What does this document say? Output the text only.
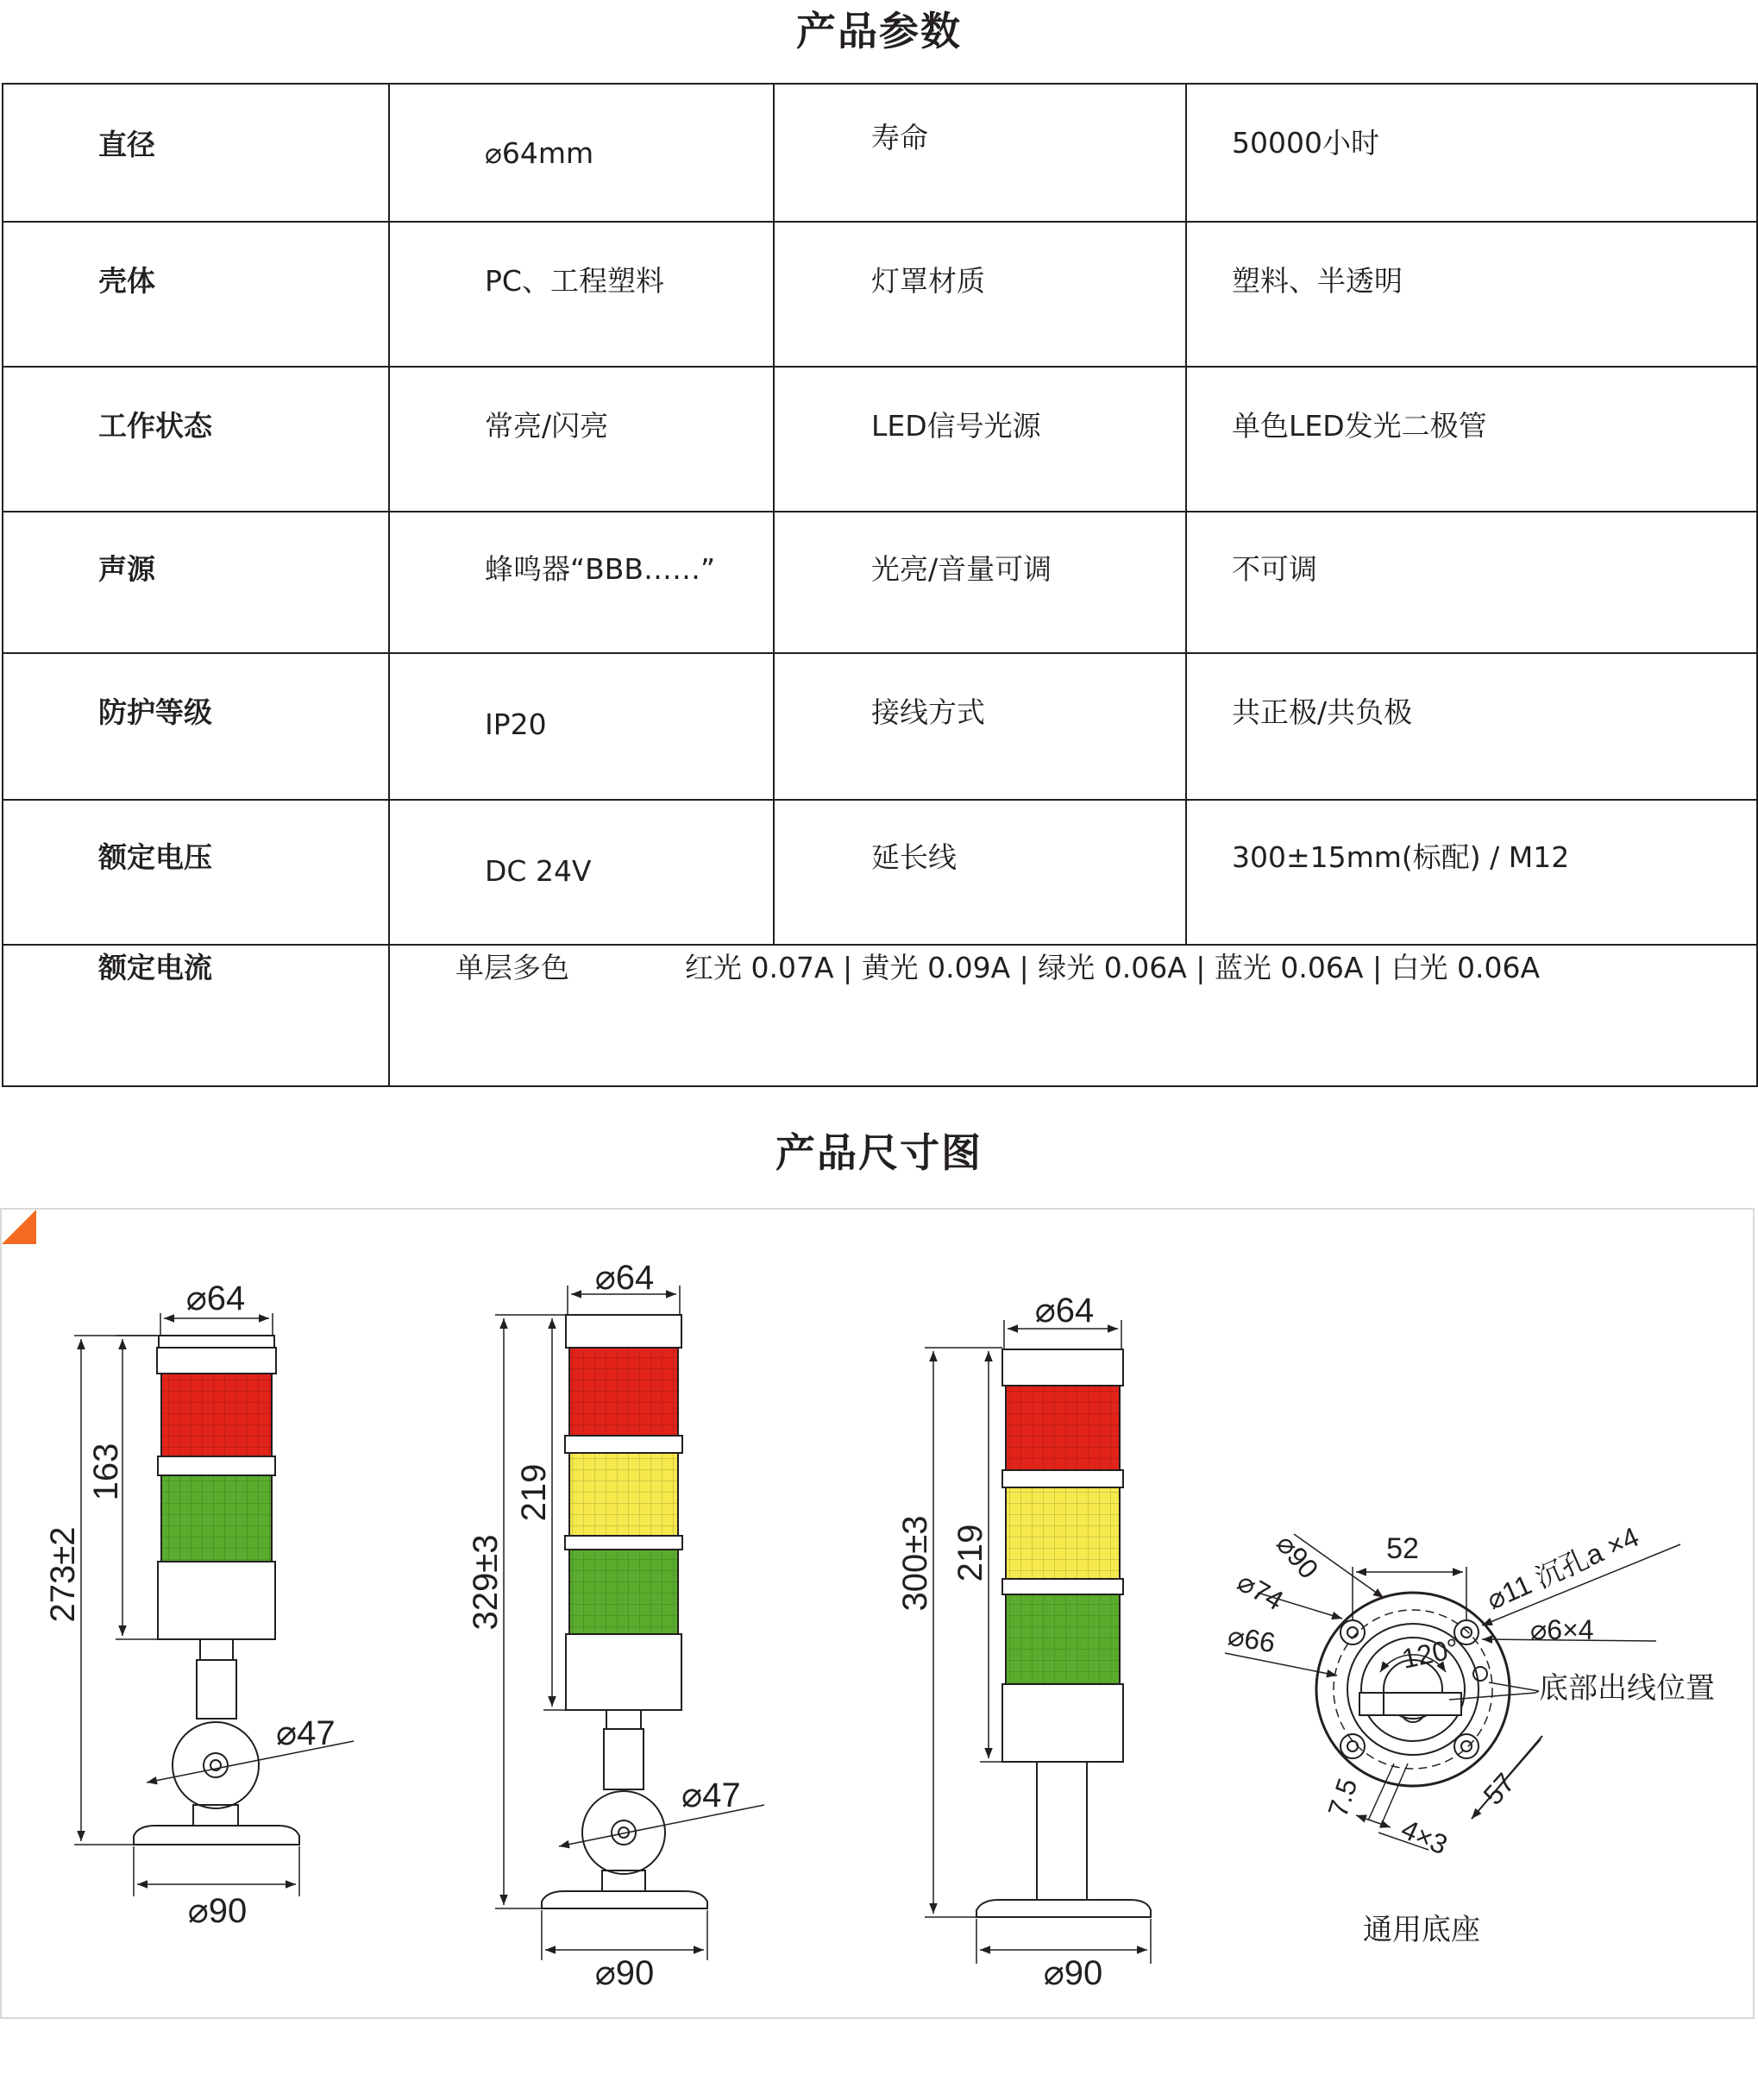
产品参数
直径	⌀64mm	寿命	50000小时

壳体	PC、工程塑料	灯罩材质	塑料、半透明

工作状态	常亮/闪亮	LED信号光源	单色LED发光二极管

声源	蜂鸣器“BBB……”	光亮/音量可调	不可调

防护等级	IP20	接线方式	共正极/共负极

额定电压	DC 24V	延长线	300±15mm(标配) / M12

额定电流	单层多色 红光 0.07A | 黄光 0.09A | 绿光 0.06A | 蓝光 0.06A | 白光 0.06A		
产品尺寸图
⌀64
273±2
163
⌀47
⌀90
⌀64
329±3
219
⌀47
⌀90
⌀64
300±3 219
⌀90
52
⌀90
⌀74
⌀66
⌀11 沉孔a ×4
⌀6×4
120°
底部出线位置
57
7.5
4×3
通用底座
